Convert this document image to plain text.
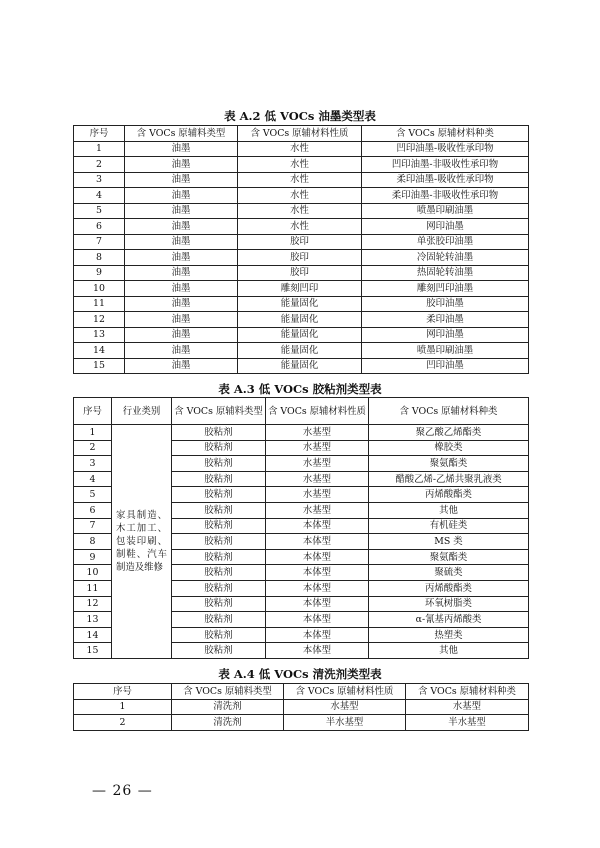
表 A.2 低 VOCs 油墨类型表
序号	含 VOCs 原辅料类型	含 VOCs 原辅材料性质	含 VOCs 原辅材料种类
1	油墨	水性	凹印油墨-吸收性承印物
2	油墨	水性	凹印油墨-非吸收性承印物
3	油墨	水性	柔印油墨-吸收性承印物
4	油墨	水性	柔印油墨-非吸收性承印物
5	油墨	水性	喷墨印刷油墨
6	油墨	水性	网印油墨
7	油墨	胶印	单张胶印油墨
8	油墨	胶印	冷固轮转油墨
9	油墨	胶印	热固轮转油墨
10	油墨	雕刻凹印	雕刻凹印油墨
11	油墨	能量固化	胶印油墨
12	油墨	能量固化	柔印油墨
13	油墨	能量固化	网印油墨
14	油墨	能量固化	喷墨印刷油墨
15	油墨	能量固化	凹印油墨
表 A.3 低 VOCs 胶粘剂类型表
序号	行业类别	含 VOCs 原辅料类型	含 VOCs 原辅材料性质	含 VOCs 原辅材料种类
1	家具制造、木工加工、包装印刷、制鞋、汽车制造及维修	胶粘剂	水基型	聚乙酸乙烯酯类
2		胶粘剂	水基型	橡胶类
3		胶粘剂	水基型	聚氨酯类
4		胶粘剂	水基型	醋酸乙烯-乙烯共聚乳液类
5		胶粘剂	水基型	丙烯酸酯类
6		胶粘剂	水基型	其他
7		胶粘剂	本体型	有机硅类
8		胶粘剂	本体型	MS 类
9		胶粘剂	本体型	聚氨酯类
10		胶粘剂	本体型	聚硫类
11		胶粘剂	本体型	丙烯酸酯类
12		胶粘剂	本体型	环氧树脂类
13		胶粘剂	本体型	α-氰基丙烯酸类
14		胶粘剂	本体型	热塑类
15		胶粘剂	本体型	其他
表 A.4 低 VOCs 清洗剂类型表
序号	含 VOCs 原辅料类型	含 VOCs 原辅材料性质	含 VOCs 原辅材料种类
1	清洗剂	水基型	水基型
2	清洗剂	半水基型	半水基型
— 26 —
